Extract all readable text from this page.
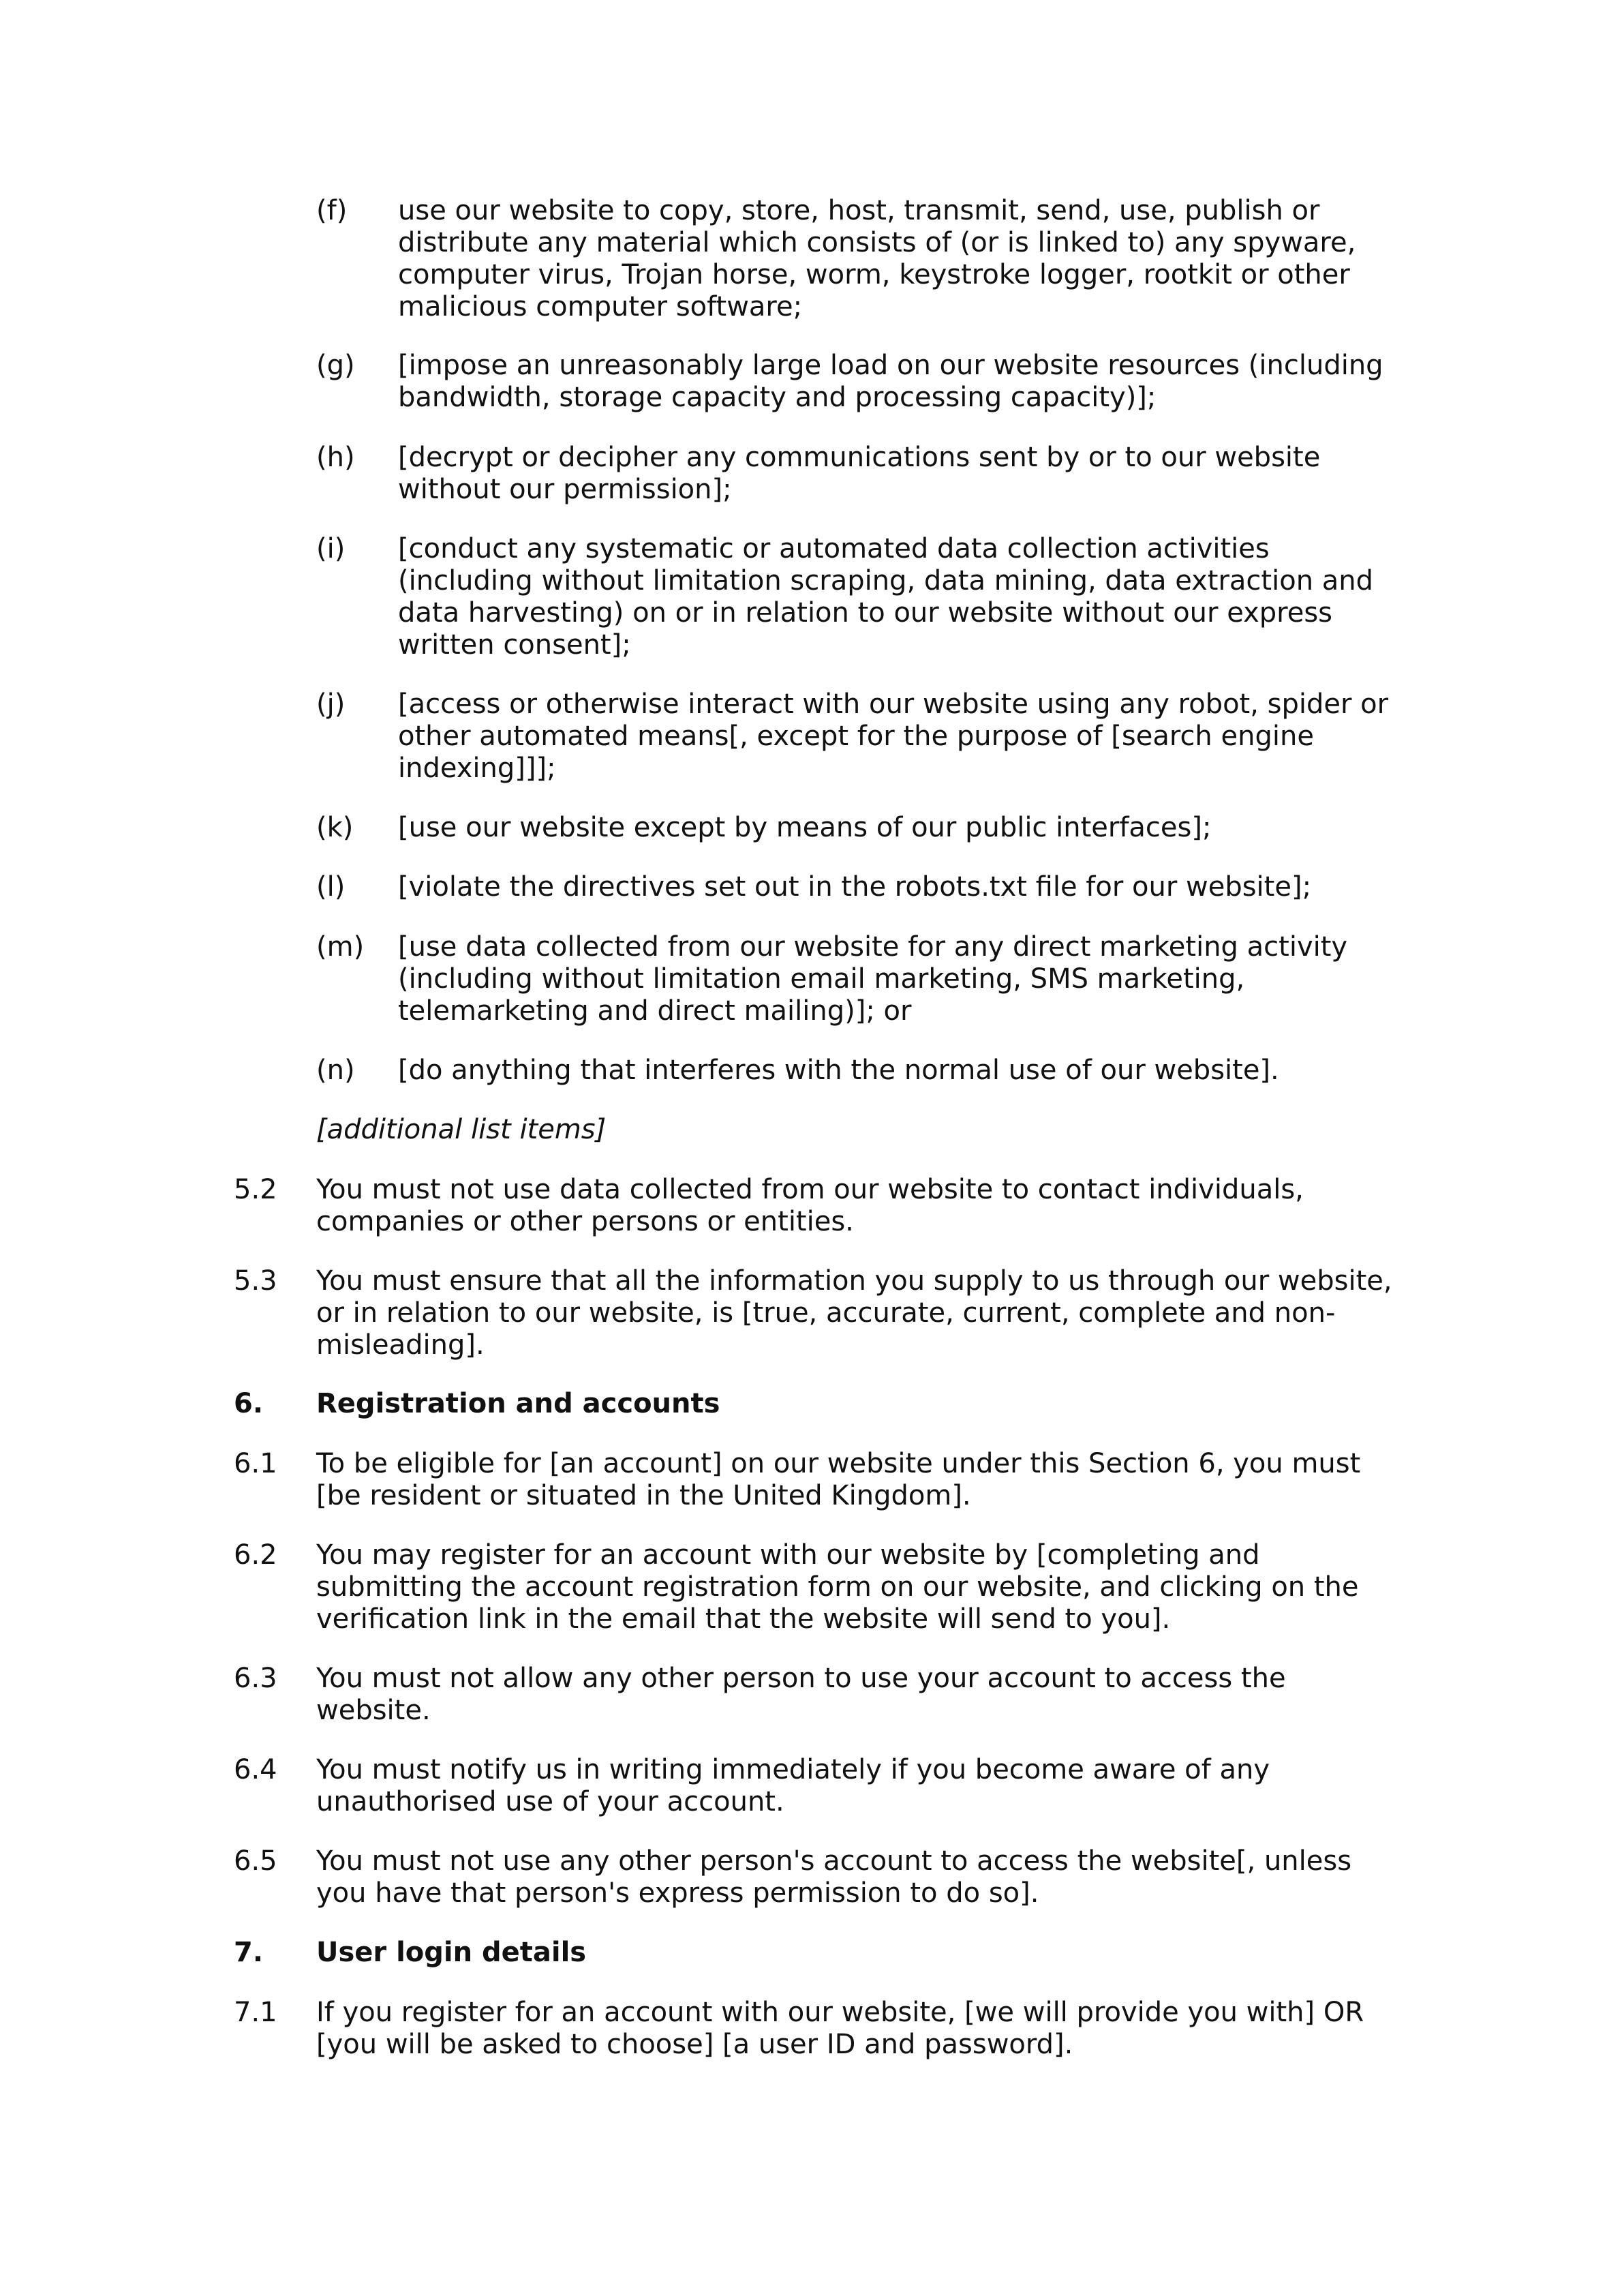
(f) use our website to copy, store, host, transmit, send, use, publish or
distribute any material which consists of (or is linked to) any spyware,
computer virus, Trojan horse, worm, keystroke logger, rootkit or other
malicious computer software;
(g) [impose an unreasonably large load on our website resources (including
bandwidth, storage capacity and processing capacity)];
(h) [decrypt or decipher any communications sent by or to our website
without our permission];
(i) [conduct any systematic or automated data collection activities
(including without limitation scraping, data mining, data extraction and
data harvesting) on or in relation to our website without our express
written consent];
(j) [access or otherwise interact with our website using any robot, spider or
other automated means[, except for the purpose of [search engine
indexing]]];
(k) [use our website except by means of our public interfaces];
(l) [violate the directives set out in the robots.txt file for our website];
(m) [use data collected from our website for any direct marketing activity
(including without limitation email marketing, SMS marketing,
telemarketing and direct mailing)]; or
(n) [do anything that interferes with the normal use of our website].
[additional list items]
5.2 You must not use data collected from our website to contact individuals,
companies or other persons or entities.
5.3 You must ensure that all the information you supply to us through our website,
or in relation to our website, is [true, accurate, current, complete and non-
misleading].
6. Registration and accounts
6.1 To be eligible for [an account] on our website under this Section 6, you must
[be resident or situated in the United Kingdom].
6.2 You may register for an account with our website by [completing and
submitting the account registration form on our website, and clicking on the
verification link in the email that the website will send to you].
6.3 You must not allow any other person to use your account to access the
website.
6.4 You must notify us in writing immediately if you become aware of any
unauthorised use of your account.
6.5 You must not use any other person's account to access the website[, unless
you have that person's express permission to do so].
7. User login details
7.1 If you register for an account with our website, [we will provide you with] OR
[you will be asked to choose] [a user ID and password].
